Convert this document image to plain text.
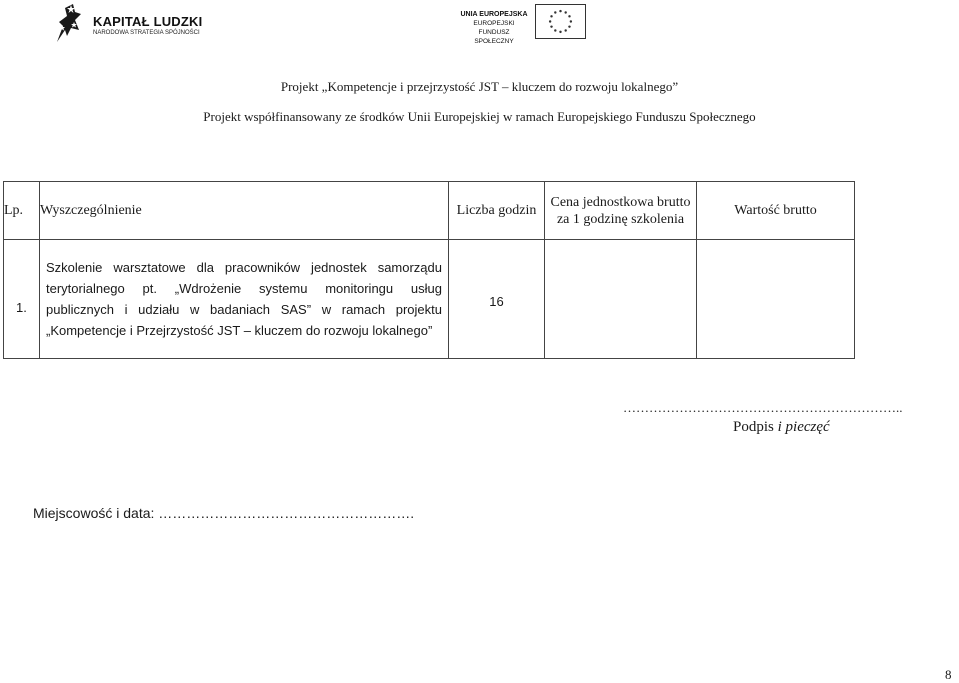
KAPITAŁ LUDZKI
NARODOWA STRATEGIA SPÓJNOŚCI
UNIA EUROPEJSKA
EUROPEJSKI
FUNDUSZ SPOŁECZNY
Projekt „Kompetencje i przejrzystość JST – kluczem do rozwoju lokalnego”
Projekt współfinansowany ze środków Unii Europejskiej w ramach Europejskiego Funduszu Społecznego
Lp.	Wyszczególnienie	Liczba godzin	Cena jednostkowa brutto za 1 godzinę szkolenia	Wartość brutto
1.	Szkolenie warsztatowe dla pracowników jednostek samorządu terytorialnego pt. „Wdrożenie systemu monitoringu usług publicznych i udziału w badaniach SAS” w ramach projektu „Kompetencje i Przejrzystość JST – kluczem do rozwoju lokalnego”	16		
………………………………………………………..
Podpis i pieczęć
Miejscowość i data: ……………………………………………….
8
